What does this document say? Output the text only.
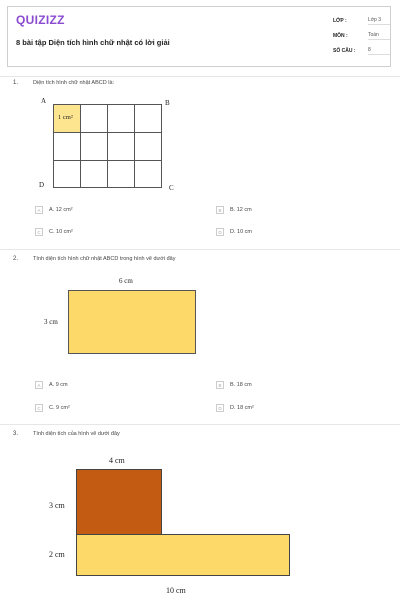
QUIZIZZ
8 bài tập Diện tích hình chữ nhật có lời giải
LỚP :	Lớp 3
MÔN :	Toán
SỐ CÂU :	8
1.	Diện tích hình chữ nhật ABCD là:
A	B
C
D
1 cm²
A	A. 12 cm²	B	B. 12 cm
C	C. 10 cm²	D	D. 10 cm
2.	Tính diện tích hình chữ nhật ABCD trong hình vẽ dưới đây
6 cm
3 cm
A	A. 9 cm	B	B. 18 cm
C	C. 9 cm²	D	D. 18 cm²
3.	Tính diện tích của hình vẽ dưới đây
4 cm
3 cm
2 cm
10 cm
